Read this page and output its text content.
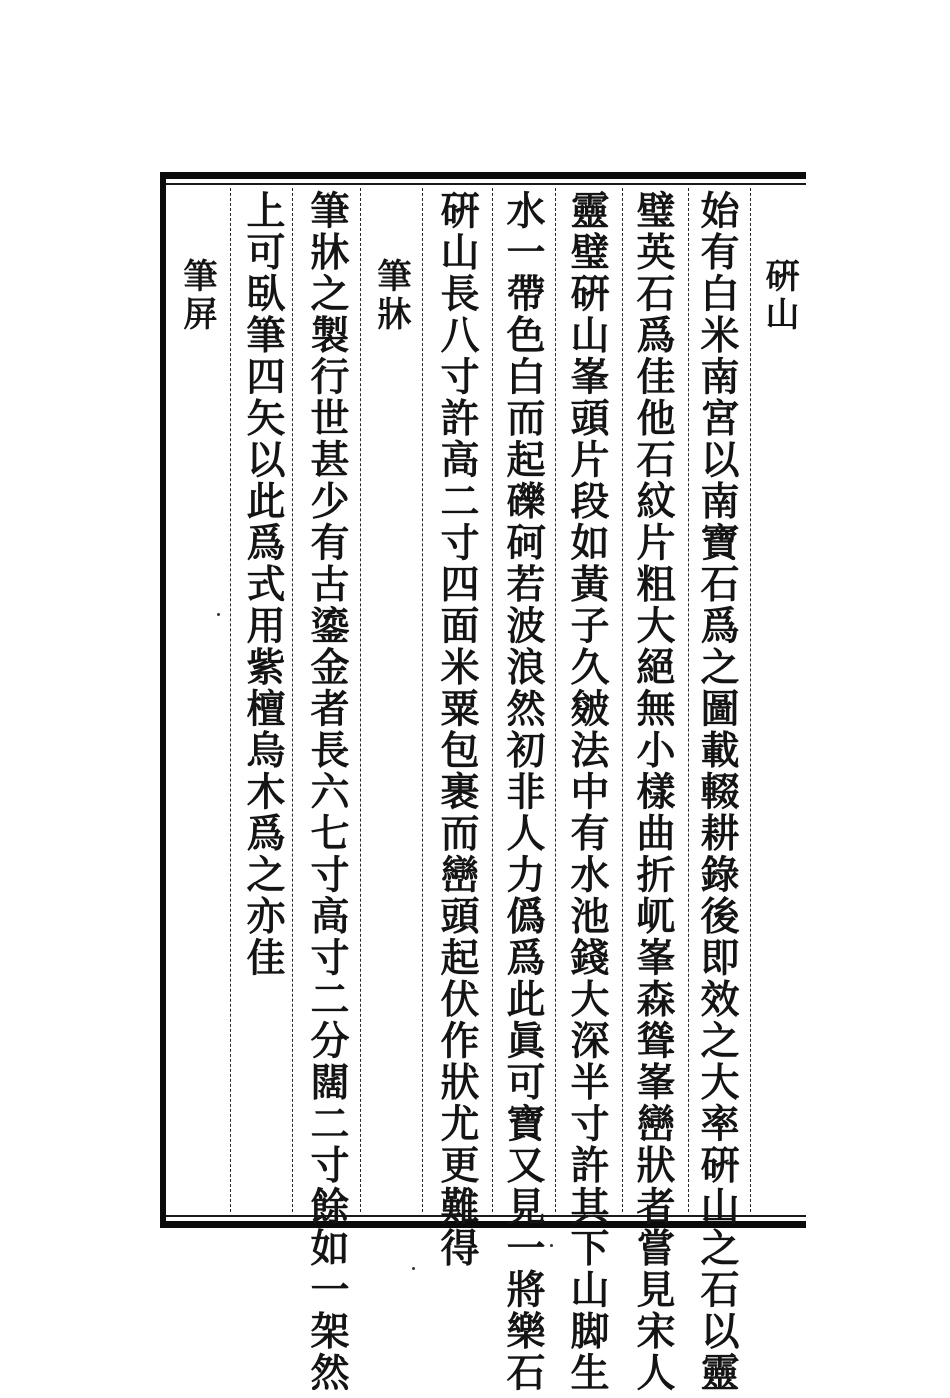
硏山
始有白米南宮以南寶石爲之圖載輟耕錄後即效之大率硏山之石以靈
璧英石爲佳他石紋片粗大絕無小樣曲折屼峯森聳峯巒狀者嘗見宋人
靈璧硏山峯頭片段如黃子久皴法中有水池錢大深半寸許其下山脚生
水一帶色白而起礫砢若波浪然初非人力僞爲此眞可寶又見一將樂石
硏山長八寸許高二寸四面米粟包裹而巒頭起伏作狀尤更難得
筆牀
筆牀之製行世甚少有古鎏金者長六七寸高寸二分闊二寸餘如一架然
上可臥筆四矢以此爲式用紫檀烏木爲之亦佳
筆屏
